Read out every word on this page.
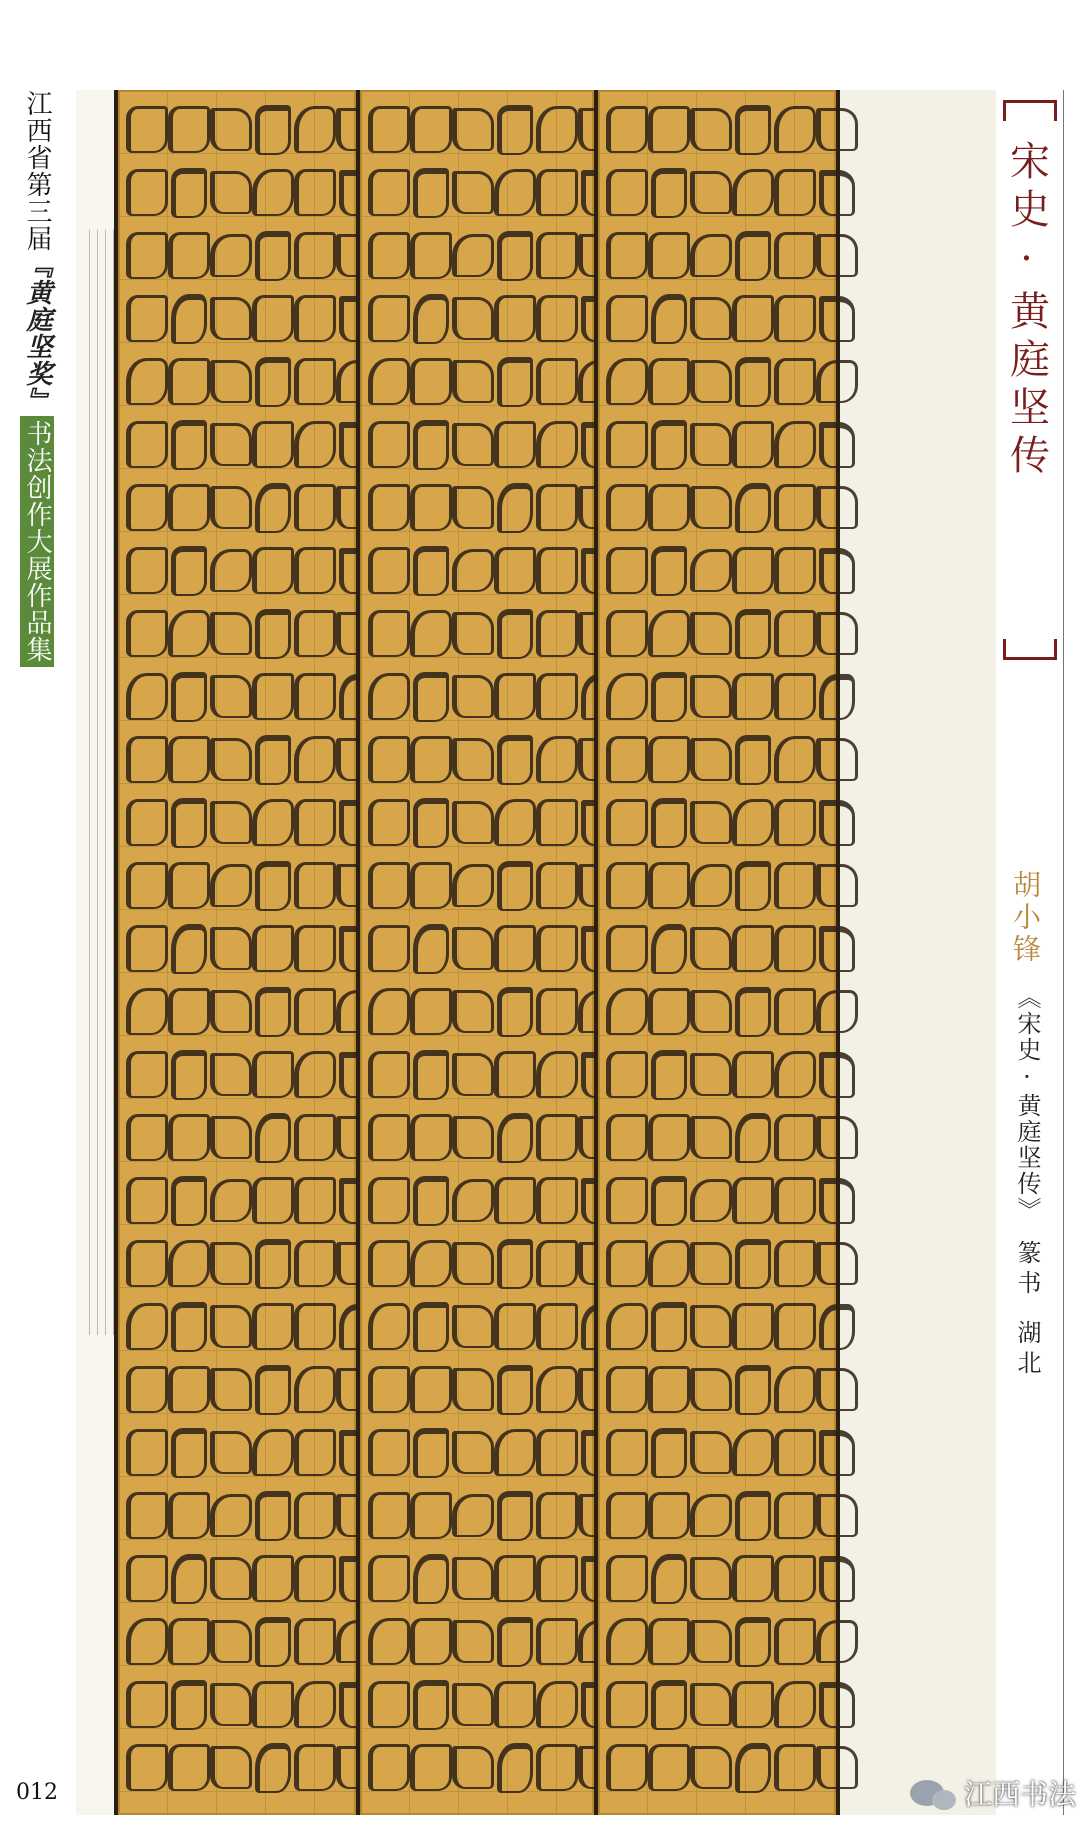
江西省第三届
『黄庭坚奖』
书法创作大展作品集
宋史·黄庭坚传
胡小锋
《宋史·黄庭坚传》
篆书
湖北
012	江西书法
